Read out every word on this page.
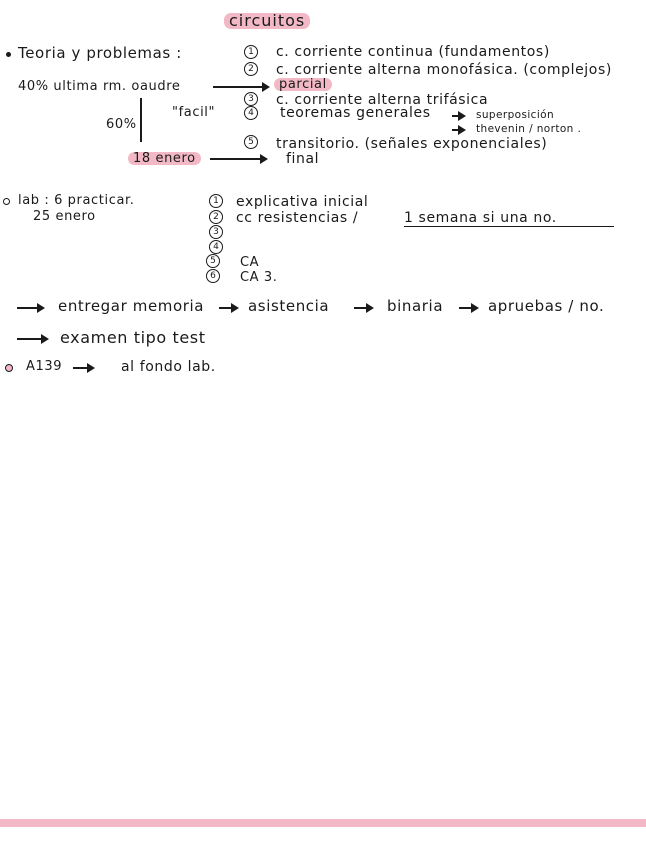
circuitos
Teoria y problemas :
40% ultima rm. oaudre
1 c. corriente continua (fundamentos)
2 c. corriente alterna monofásica. (complejos)
parcial
3 c. corriente alterna trifásica
"facil"	4 teoremas generales	superposición
thevenin / norton .
60%
5 transitorio. (señales exponenciales)
18 enero	final
lab : 6 practicar.
25 enero
1 explicativa inicial
2 cc resistencias /	1 semana si una no.
3
4
5	CA
6	CA 3.
entregar memoria	asistencia	binaria	apruebas / no.
examen tipo test
A139	al fondo lab.
